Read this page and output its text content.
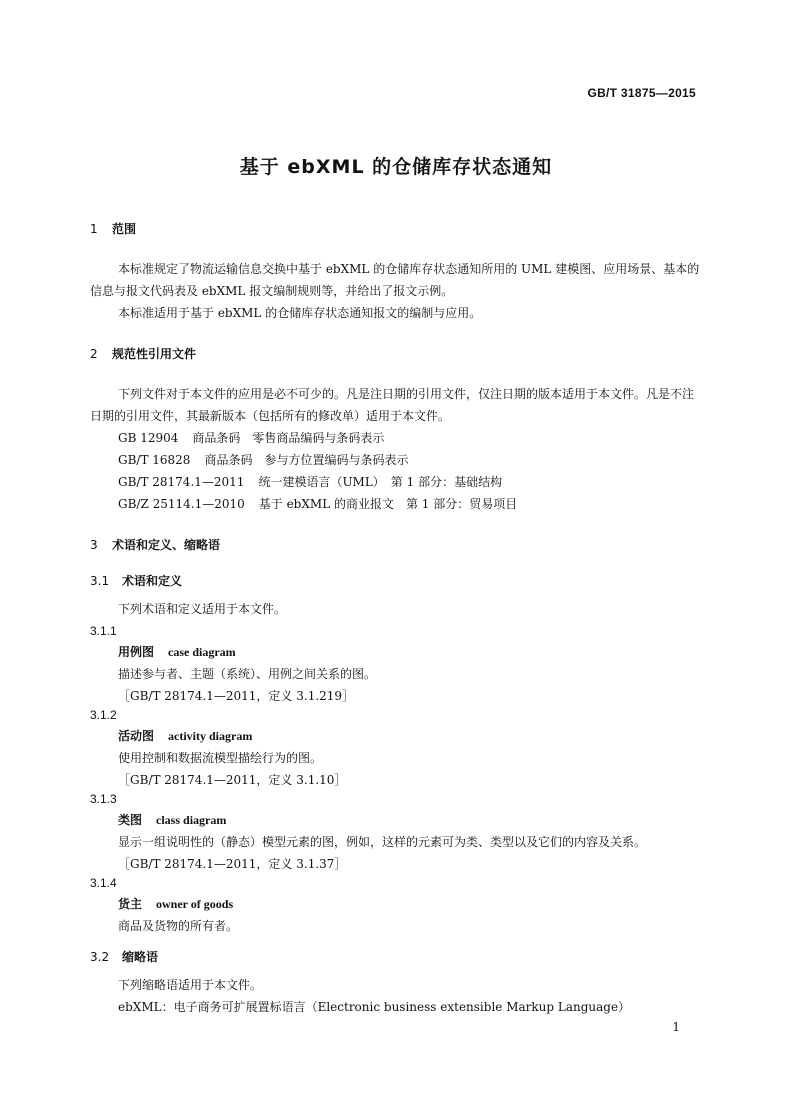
GB/T 31875—2015
基于 ebXML 的仓储库存状态通知
1 范围
本标准规定了物流运输信息交换中基于 ebXML 的仓储库存状态通知所用的 UML 建模图、应用场景、基本的信息与报文代码表及 ebXML 报文编制规则等，并给出了报文示例。
本标准适用于基于 ebXML 的仓储库存状态通知报文的编制与应用。
2 规范性引用文件
下列文件对于本文件的应用是必不可少的。凡是注日期的引用文件，仅注日期的版本适用于本文件。凡是不注日期的引用文件，其最新版本（包括所有的修改单）适用于本文件。
GB 12904 商品条码　零售商品编码与条码表示
GB/T 16828 商品条码　参与方位置编码与条码表示
GB/T 28174.1—2011 统一建模语言（UML）　第 1 部分：基础结构
GB/Z 25114.1—2010 基于 ebXML 的商业报文　第 1 部分：贸易项目
3 术语和定义、缩略语
3.1 术语和定义
下列术语和定义适用于本文件。
3.1.1
用例图 case diagram
描述参与者、主题（系统）、用例之间关系的图。
［GB/T 28174.1—2011，定义 3.1.219］
3.1.2
活动图 activity diagram
使用控制和数据流模型描绘行为的图。
［GB/T 28174.1—2011，定义 3.1.10］
3.1.3
类图 class diagram
显示一组说明性的（静态）模型元素的图，例如，这样的元素可为类、类型以及它们的内容及关系。
［GB/T 28174.1—2011，定义 3.1.37］
3.1.4
货主 owner of goods
商品及货物的所有者。
3.2 缩略语
下列缩略语适用于本文件。
ebXML：电子商务可扩展置标语言（Electronic business extensible Markup Language）
1
